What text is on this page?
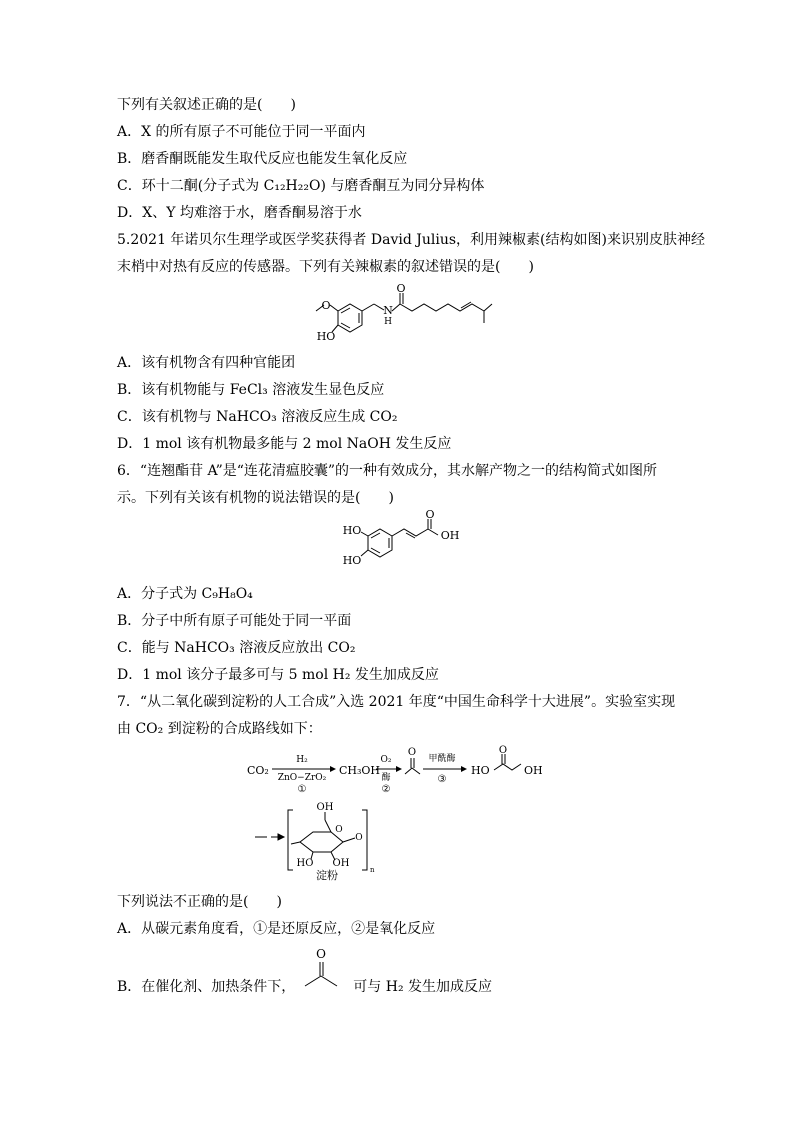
下列有关叙述正确的是(　　)
A．X 的所有原子不可能位于同一平面内
B．磨香酮既能发生取代反应也能发生氧化反应
C．环十二酮(分子式为 C₁₂H₂₂O) 与磨香酮互为同分异构体
D．X、Y 均难溶于水，磨香酮易溶于水
5.2021 年诺贝尔生理学或医学奖获得者 David Julius，利用辣椒素(结构如图)来识别皮肤神经
末梢中对热有反应的传感器。下列有关辣椒素的叙述错误的是(　　)
O	N
H
O
HO
A．该有机物含有四种官能团
B．该有机物能与 FeCl₃ 溶液发生显色反应
C．该有机物与 NaHCO₃ 溶液反应生成 CO₂
D．1 mol 该有机物最多能与 2 mol NaOH 发生反应
6．“连翘酯苷 A”是“连花清瘟胶囊”的一种有效成分，其水解产物之一的结构简式如图所
示。下列有关该有机物的说法错误的是(　　)
HO
HO
O
OH
A．分子式为 C₉H₈O₄
B．分子中所有原子可能处于同一平面
C．能与 NaHCO₃ 溶液反应放出 CO₂
D．1 mol 该分子最多可与 5 mol H₂ 发生加成反应
7．“从二氧化碳到淀粉的人工合成”入选 2021 年度“中国生命科学十大进展”。实验室实现
由 CO₂ 到淀粉的合成路线如下：
CO₂
H₂
ZnO−ZrO₂
①
CH₃OH
O₂
酶
②
O
甲酰酶
③
HO
O
OH
OH
O
O
HO OH
n
淀粉
下列说法不正确的是(　　)
A．从碳元素角度看，①是还原反应，②是氧化反应
B．在催化剂、加热条件下，
O
可与 H₂ 发生加成反应
